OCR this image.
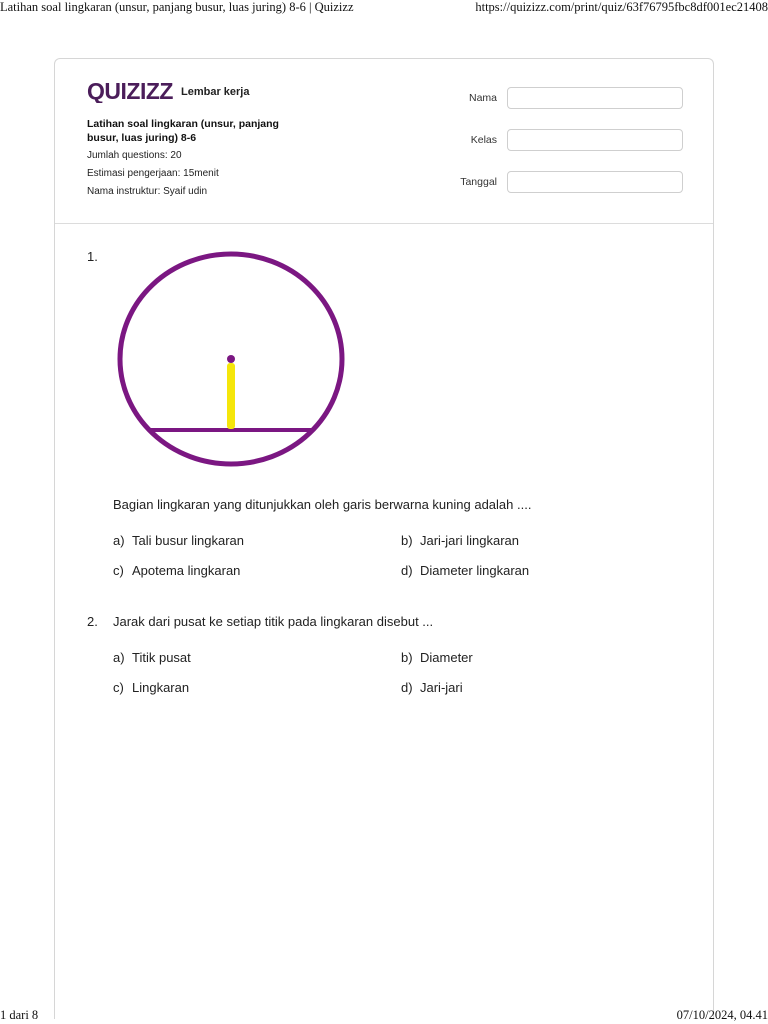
Latihan soal lingkaran (unsur, panjang busur, luas juring) 8-6 | Quizizz	https://quizizz.com/print/quiz/63f76795fbc8df001ec21408
QUIZIZZ Lembar kerja
Latihan soal lingkaran (unsur, panjang busur, luas juring) 8-6
Jumlah questions: 20
Estimasi pengerjaan: 15menit
Nama instruktur: Syaif udin
Nama
Kelas
Tanggal
1.
Bagian lingkaran yang ditunjukkan oleh garis berwarna kuning adalah ....
a) Tali busur lingkaran	b) Jari-jari lingkaran
c) Apotema lingkaran	d) Diameter lingkaran
2. Jarak dari pusat ke setiap titik pada lingkaran disebut ...
a) Titik pusat	b) Diameter
c) Lingkaran	d) Jari-jari
1 dari 8	07/10/2024, 04.41
